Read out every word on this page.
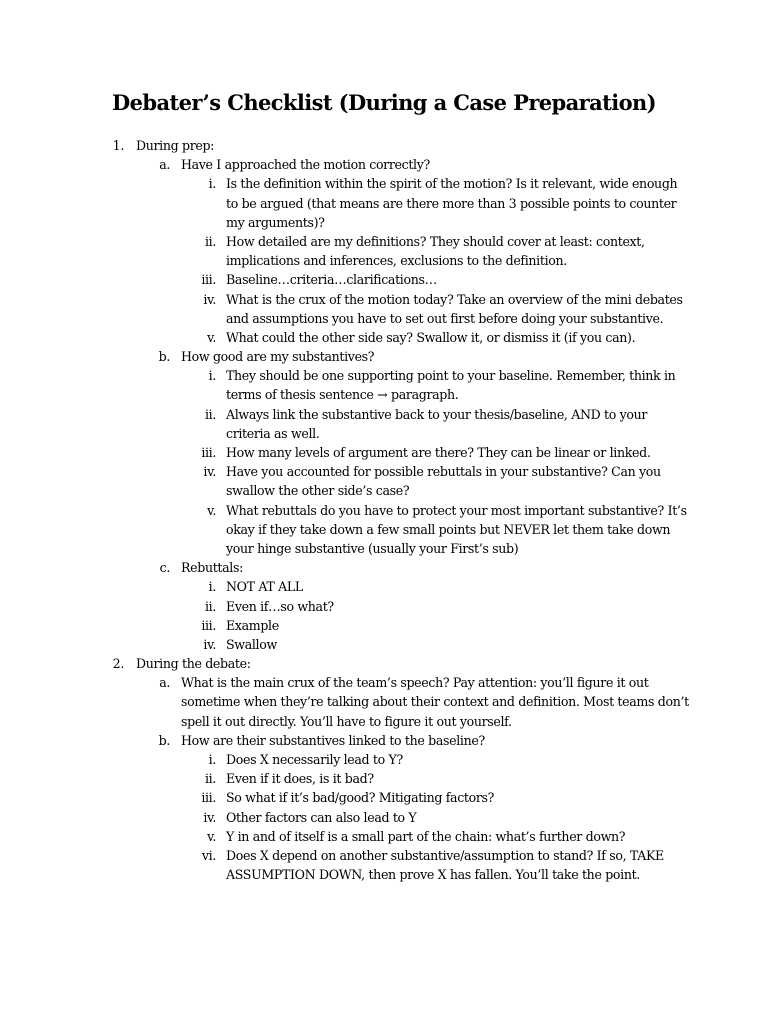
Debater’s Checklist (During a Case Preparation)
1. During prep:
a. Have I approached the motion correctly?
i. Is the definition within the spirit of the motion? Is it relevant, wide enough
to be argued (that means are there more than 3 possible points to counter
my arguments)?
ii. How detailed are my definitions? They should cover at least: context,
implications and inferences, exclusions to the definition.
iii. Baseline…criteria…clarifications…
iv. What is the crux of the motion today? Take an overview of the mini debates
and assumptions you have to set out first before doing your substantive.
v. What could the other side say? Swallow it, or dismiss it (if you can).
b. How good are my substantives?
i. They should be one supporting point to your baseline. Remember, think in
terms of thesis sentence → paragraph.
ii. Always link the substantive back to your thesis/baseline, AND to your
criteria as well.
iii. How many levels of argument are there? They can be linear or linked.
iv. Have you accounted for possible rebuttals in your substantive? Can you
swallow the other side’s case?
v. What rebuttals do you have to protect your most important substantive? It’s
okay if they take down a few small points but NEVER let them take down
your hinge substantive (usually your First’s sub)
c. Rebuttals:
i. NOT AT ALL
ii. Even if…so what?
iii. Example
iv. Swallow
2. During the debate:
a. What is the main crux of the team’s speech? Pay attention: you’ll figure it out
sometime when they’re talking about their context and definition. Most teams don’t
spell it out directly. You’ll have to figure it out yourself.
b. How are their substantives linked to the baseline?
i. Does X necessarily lead to Y?
ii. Even if it does, is it bad?
iii. So what if it’s bad/good? Mitigating factors?
iv. Other factors can also lead to Y
v. Y in and of itself is a small part of the chain: what’s further down?
vi. Does X depend on another substantive/assumption to stand? If so, TAKE
ASSUMPTION DOWN, then prove X has fallen. You’ll take the point.
